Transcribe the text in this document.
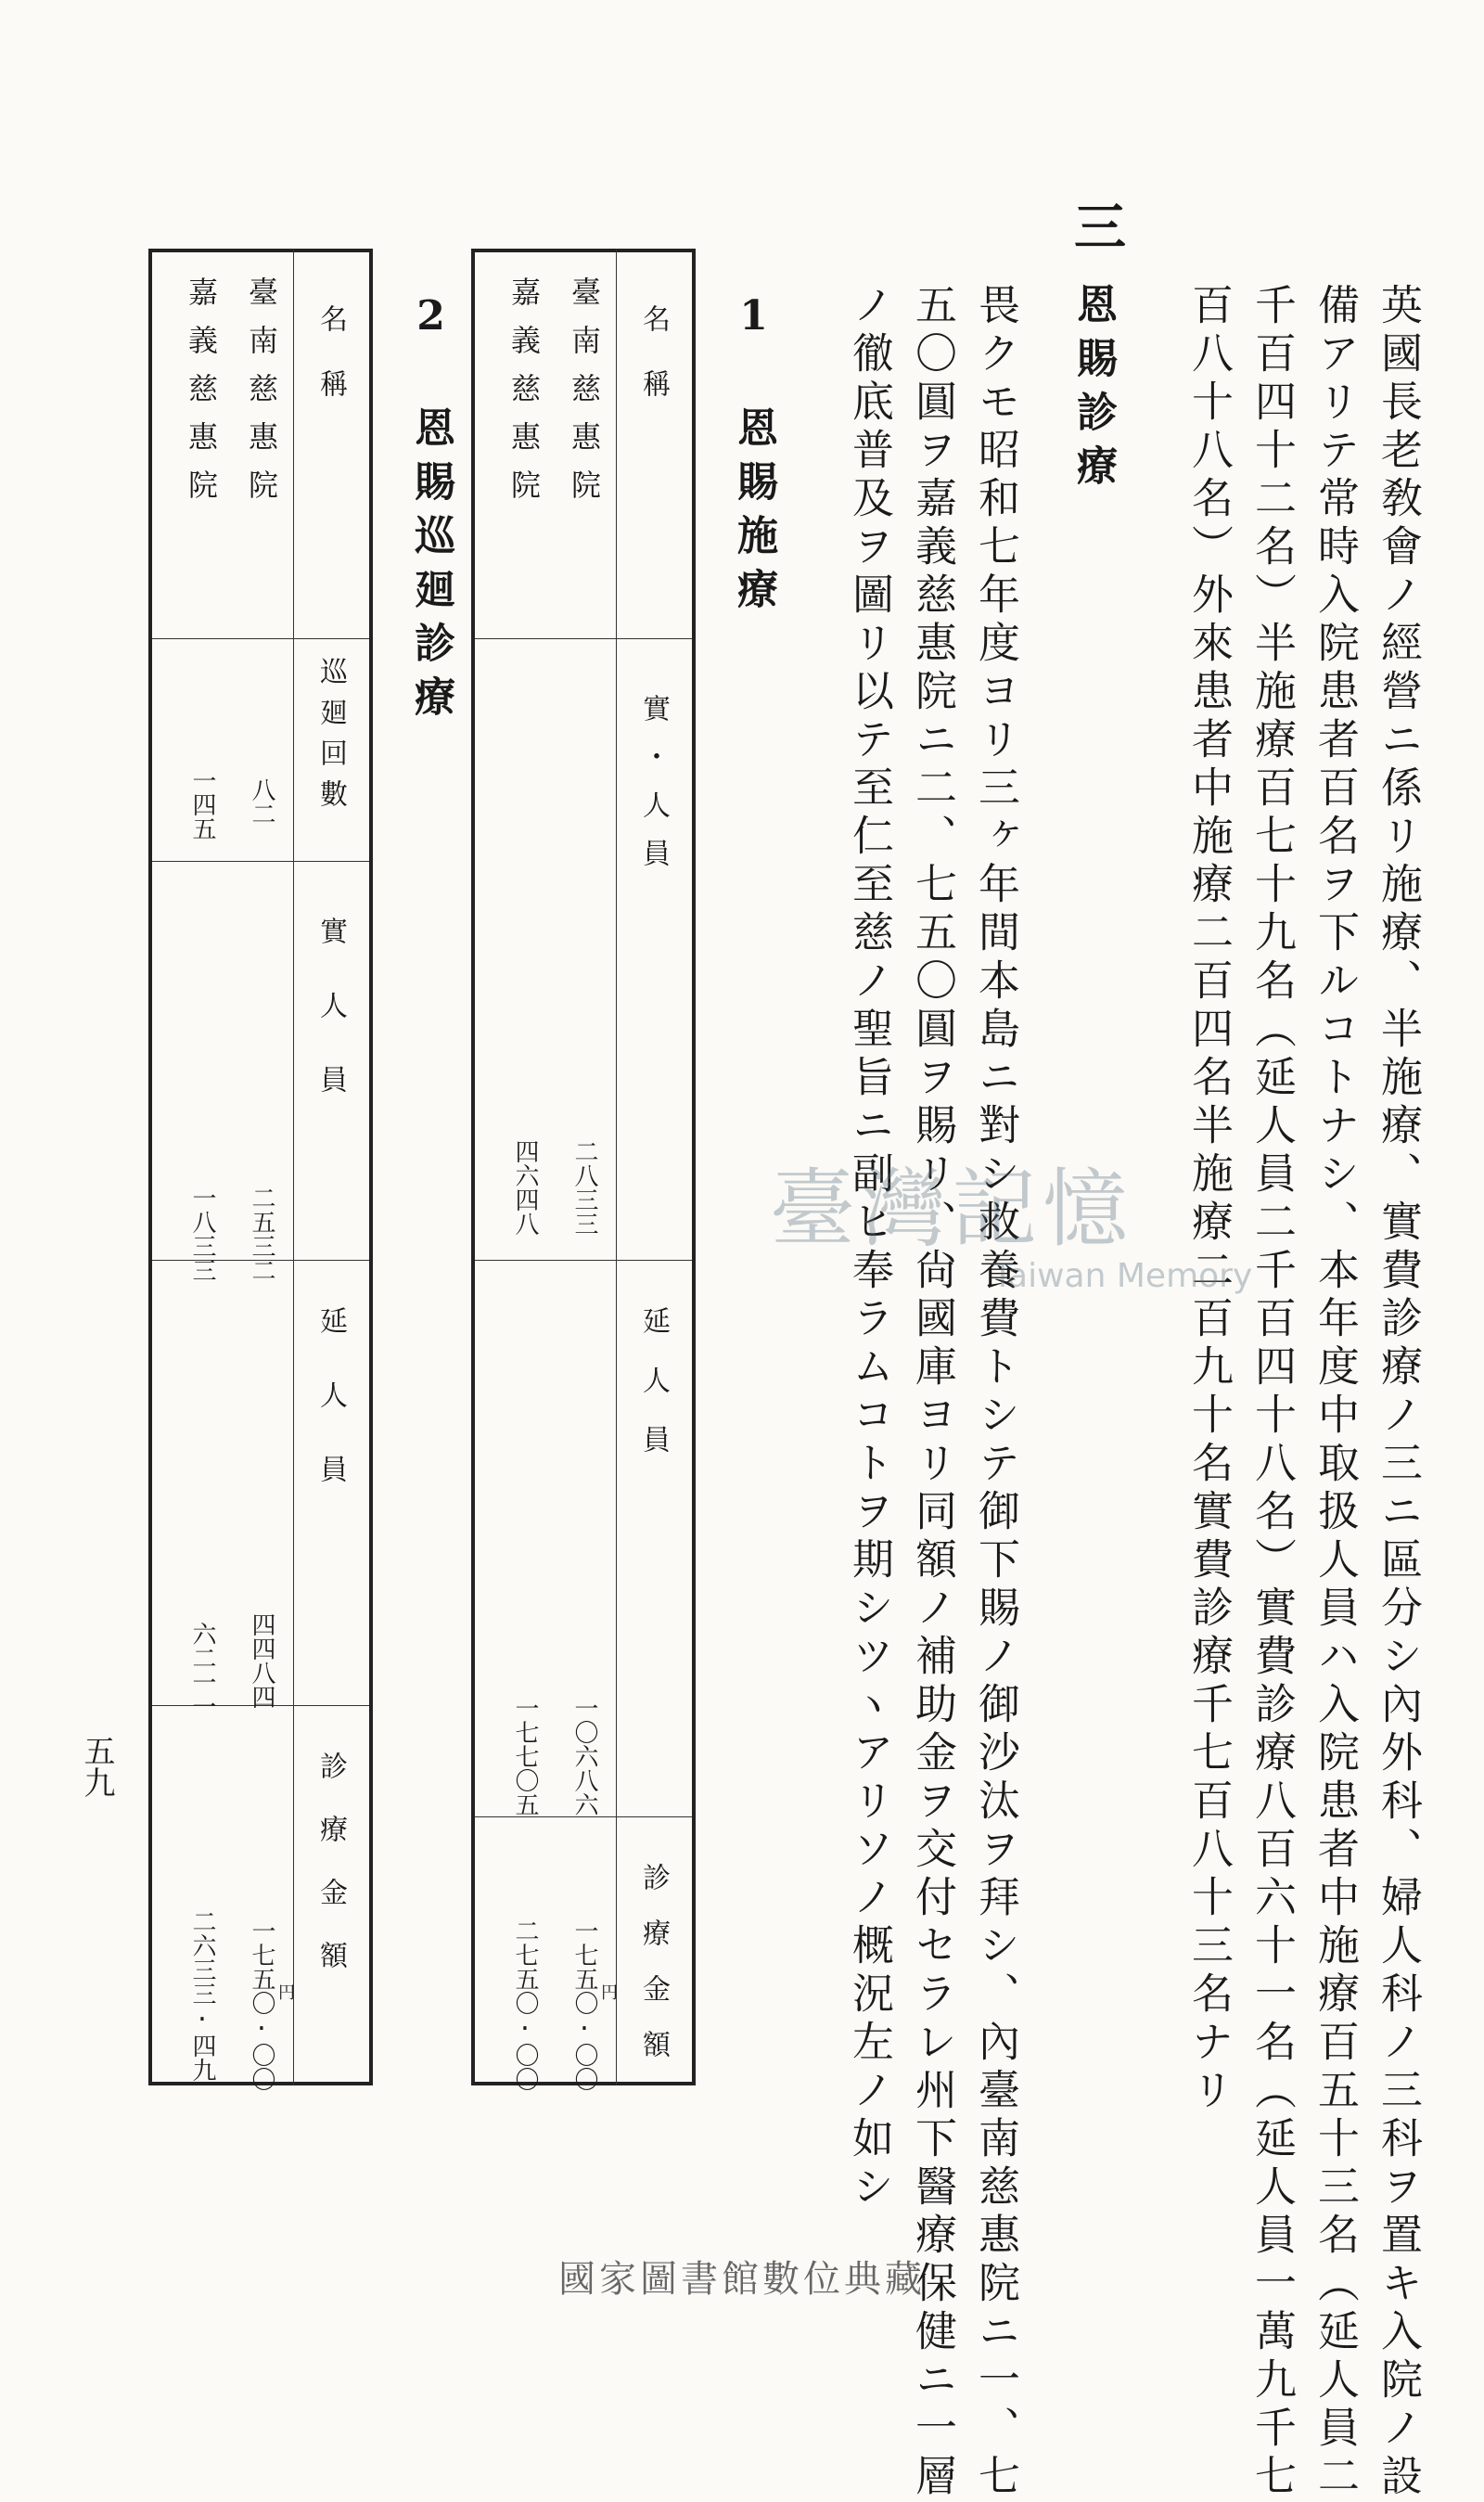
三
恩賜診療	英國長老敎會ノ經營ニ係リ施療、半施療、實費診療ノ三ニ區分シ內外科、婦人科ノ三科ヲ置キ入院ノ設
備アリテ常時入院患者百名ヲ下ルコトナシ、本年度中取扱人員ハ入院患者中施療百五十三名（延人員二
千百四十二名）半施療百七十九名（延人員二千百四十八名）實費診療八百六十一名（延人員一萬九千七
百八十八名）外來患者中施療二百四名半施療二百九十名實費診療千七百八十三名ナリ
畏クモ昭和七年度ヨリ三ヶ年間本島ニ對シ救養費トシテ御下賜ノ御沙汰ヲ拜シ、內臺南慈惠院ニ一、七
五〇圓ヲ嘉義慈惠院ニ二、七五〇圓ヲ賜リ、尙國庫ヨリ同額ノ補助金ヲ交付セラレ州下醫療保健ニ一層
ノ徹底普及ヲ圖リ以テ至仁至慈ノ聖旨ニ副ヒ奉ラムコトヲ期シツヽアリソノ概況左ノ如シ
1　恩賜施療
名稱
實・人員
延人員
診療金額
臺南慈惠院
嘉義慈惠院
二八三三
四六四八
一〇六八六
一七七〇五
円
一七五〇·〇〇
二七五〇·〇〇
2　恩賜巡廻診療
名稱
巡廻回數
實人員
延人員
診療金額
臺南慈惠院
嘉義慈惠院
八二
一四五
二五三二
一八三三
四四八四
六二一一
円
一七五〇·〇〇
二六三三·四九
五九
臺灣記憶
Taiwan Memory
國家圖書館數位典藏
